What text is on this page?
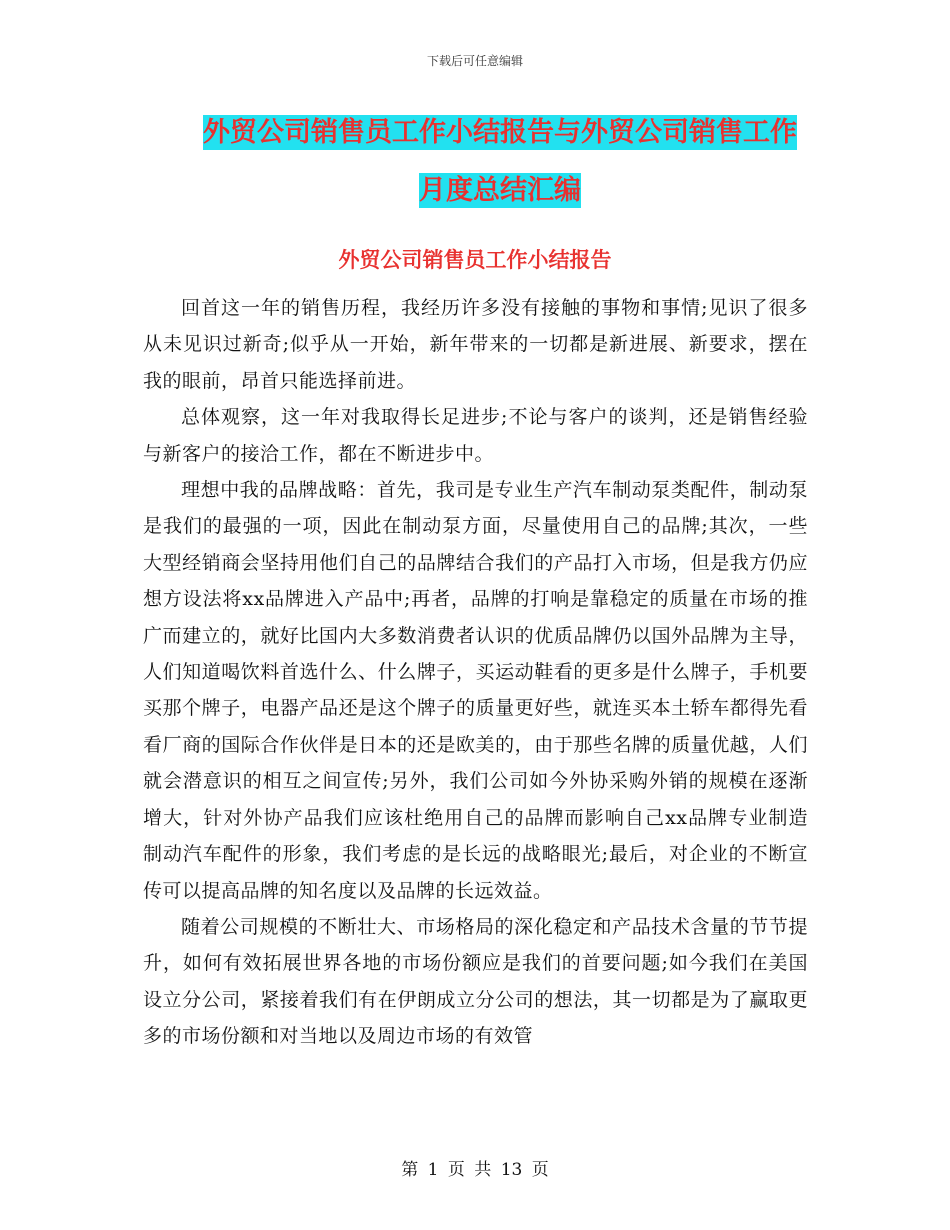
下载后可任意编辑
外贸公司销售员工作小结报告与外贸公司销售工作月度总结汇编
外贸公司销售员工作小结报告

回首这一年的销售历程，我经历许多没有接触的事物和事情;见识了很多从未见识过新奇;似乎从一开始，新年带来的一切都是新进展、新要求，摆在我的眼前，昂首只能选择前进。

总体观察，这一年对我取得长足进步;不论与客户的谈判，还是销售经验与新客户的接洽工作，都在不断进步中。

理想中我的品牌战略：首先，我司是专业生产汽车制动泵类配件，制动泵是我们的最强的一项，因此在制动泵方面，尽量使用自己的品牌;其次，一些大型经销商会坚持用他们自己的品牌结合我们的产品打入市场，但是我方仍应想方设法将xx品牌进入产品中;再者，品牌的打响是靠稳定的质量在市场的推广而建立的，就好比国内大多数消费者认识的优质品牌仍以国外品牌为主导，人们知道喝饮料首选什么、什么牌子，买运动鞋看的更多是什么牌子，手机要买那个牌子，电器产品还是这个牌子的质量更好些，就连买本土轿车都得先看看厂商的国际合作伙伴是日本的还是欧美的，由于那些名牌的质量优越，人们就会潜意识的相互之间宣传;另外，我们公司如今外协采购外销的规模在逐渐增大，针对外协产品我们应该杜绝用自己的品牌而影响自己xx品牌专业制造制动汽车配件的形象，我们考虑的是长远的战略眼光;最后，对企业的不断宣传可以提高品牌的知名度以及品牌的长远效益。

随着公司规模的不断壮大、市场格局的深化稳定和产品技术含量的节节提升，如何有效拓展世界各地的市场份额应是我们的首要问题;如今我们在美国设立分公司，紧接着我们有在伊朗成立分公司的想法，其一切都是为了赢取更多的市场份额和对当地以及周边市场的有效管

第 1 页 共 13 页
